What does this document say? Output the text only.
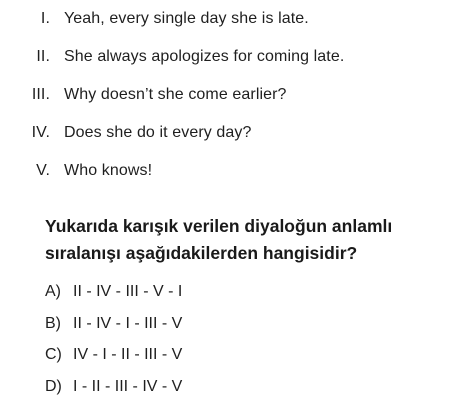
I. Yeah, every single day she is late.
II. She always apologizes for coming late.
III. Why doesn’t she come earlier?
IV. Does she do it every day?
V. Who knows!
Yukarıda karışık verilen diyaloğun anlamlı
sıralanışı aşağıdakilerden hangisidir?
A) II - IV - III - V - I
B) II - IV - I - III - V
C) IV - I - II - III - V
D) I - II - III - IV - V
